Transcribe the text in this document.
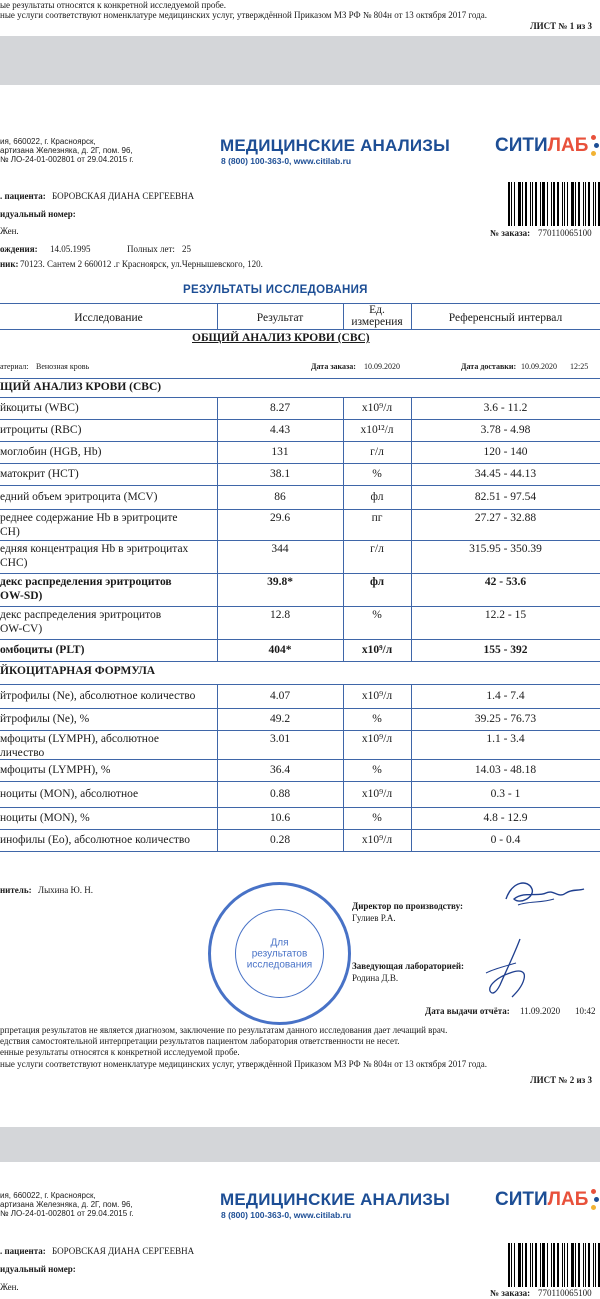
ые результаты относятся к конкретной исследуемой пробе.
ные услуги соответствуют номенклатуре медицинских услуг, утверждённой Приказом МЗ РФ № 804н от 13 октября 2017 года.
ЛИСТ № 1 из 3
ия, 660022, г. Красноярск,
артизана Железняка, д. 2Г, пом. 96,
№ ЛО-24-01-002801 от 29.04.2015 г.
МЕДИЦИНСКИЕ АНАЛИЗЫ
8 (800) 100-363-0, www.citilab.ru
СИТИЛАБ
. пациента: БОРОВСКАЯ ДИАНА СЕРГЕЕВНА
идуальный номер:
Жен.
ождения: 14.05.1995	Полных лет: 25
ник: 70123. Сантем 2 660012 .г Красноярск, ул.Чернышевского, 120.
№ заказа: 770110065100
РЕЗУЛЬТАТЫ ИССЛЕДОВАНИЯ
Исследование	Результат
Ед.
измерения	Референсный интервал
ОБЩИЙ АНАЛИЗ КРОВИ (CBC)
атериал: Венозная кровь	Дата заказа: 10.09.2020	Дата доставки: 10.09.2020 12:25
ЩИЙ АНАЛИЗ КРОВИ (CBC)
йкоциты (WBC)	8.27	x10⁹/л	3.6 - 11.2
итроциты (RBC)	4.43	x10¹²/л	3.78 - 4.98
моглобин (HGB, Hb)	131	г/л	120 - 140
матокрит (HCT)	38.1	%	34.45 - 44.13
едний объем эритроцита (MCV)	86	фл	82.51 - 97.54
реднее содержание Hb в эритроците
CH)
29.6	пг	27.27 - 32.88
едняя концентрация Hb в эритроцитах
CHC)
344	г/л	315.95 - 350.39
декс распределения эритроцитов
OW-SD)
39.8*	фл	42 - 53.6
декс распределения эритроцитов
OW-CV)
12.8	%	12.2 - 15
омбоциты (PLT)	404*	x10⁹/л	155 - 392
ЙКОЦИТАРНАЯ ФОРМУЛА
йтрофилы (Ne), абсолютное количество	4.07	x10⁹/л	1.4 - 7.4
йтрофилы (Ne), %	49.2	%	39.25 - 76.73
мфоциты (LYMPH), абсолютное
личество
3.01	x10⁹/л	1.1 - 3.4
мфоциты (LYMPH), %	36.4	%	14.03 - 48.18
ноциты (MON), абсолютное	0.88	x10⁹/л	0.3 - 1
ноциты (MON), %	10.6	%	4.8 - 12.9
инофилы (Eo), абсолютное количество	0.28	x10⁹/л	0 - 0.4
нитель: Лыхина Ю. Н.
Директор по производству:
Гулиев Р.А.
Заведующая лабораторией:
Родина Д.В.
Для
результатов
исследования
Дата выдачи отчёта: 11.09.2020 10:42
рпретация результатов не является диагнозом, заключение по результатам данного исследования дает лечащий врач.
едствия самостоятельной интерпретации результатов пациентом лаборатория ответственности не несет.
енные результаты относятся к конкретной исследуемой пробе.
ные услуги соответствуют номенклатуре медицинских услуг, утверждённой Приказом МЗ РФ № 804н от 13 октября 2017 года.
ЛИСТ № 2 из 3
ия, 660022, г. Красноярск,
артизана Железняка, д. 2Г, пом. 96,
№ ЛО-24-01-002801 от 29.04.2015 г.
МЕДИЦИНСКИЕ АНАЛИЗЫ
8 (800) 100-363-0, www.citilab.ru
СИТИЛАБ
. пациента: БОРОВСКАЯ ДИАНА СЕРГЕЕВНА
идуальный номер:
Жен.
№ заказа: 770110065100
